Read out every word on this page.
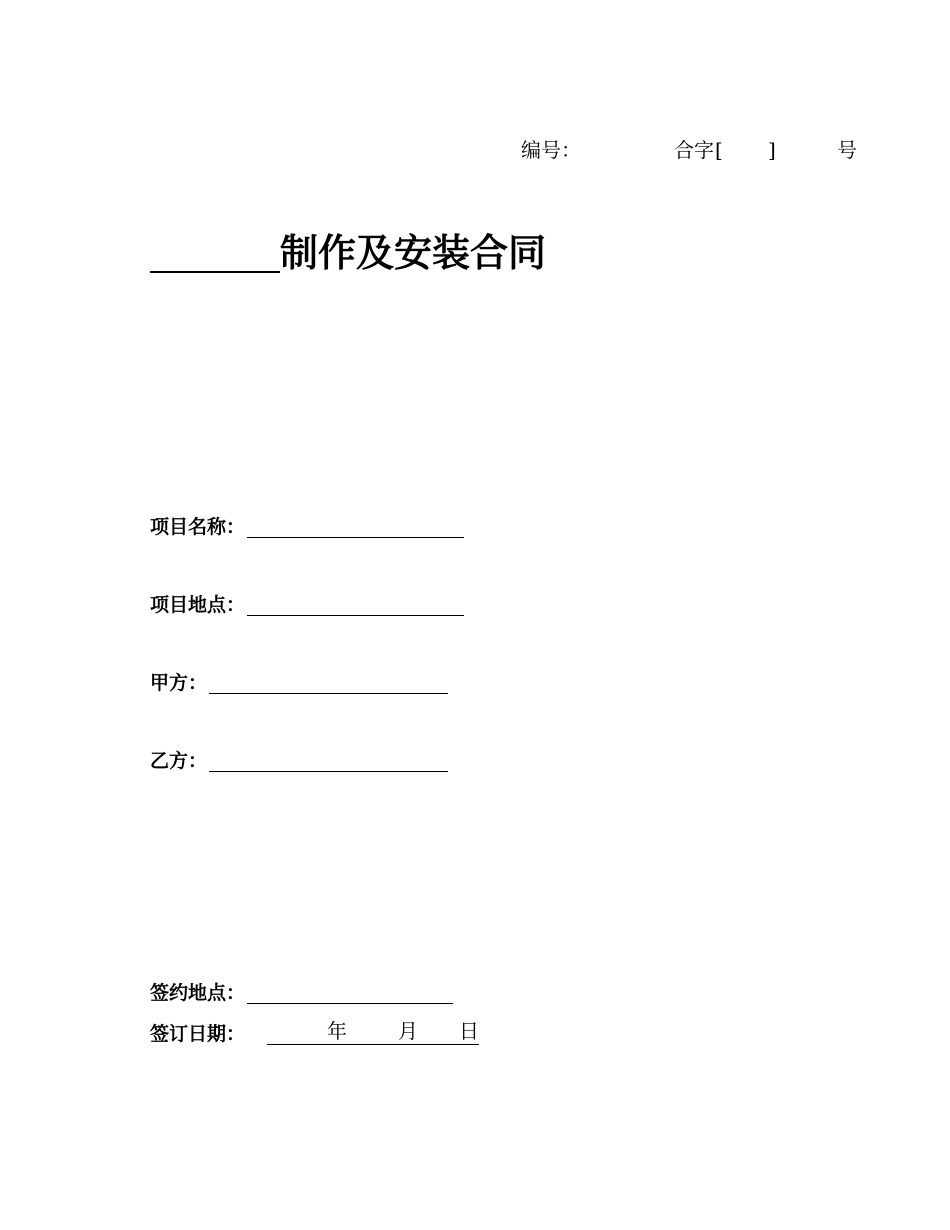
编号：	合字 [ ]	号
制作及安装合同
项目名称：
项目地点：
甲方：
乙方：
签约地点：
签订日期：	年	月 日
